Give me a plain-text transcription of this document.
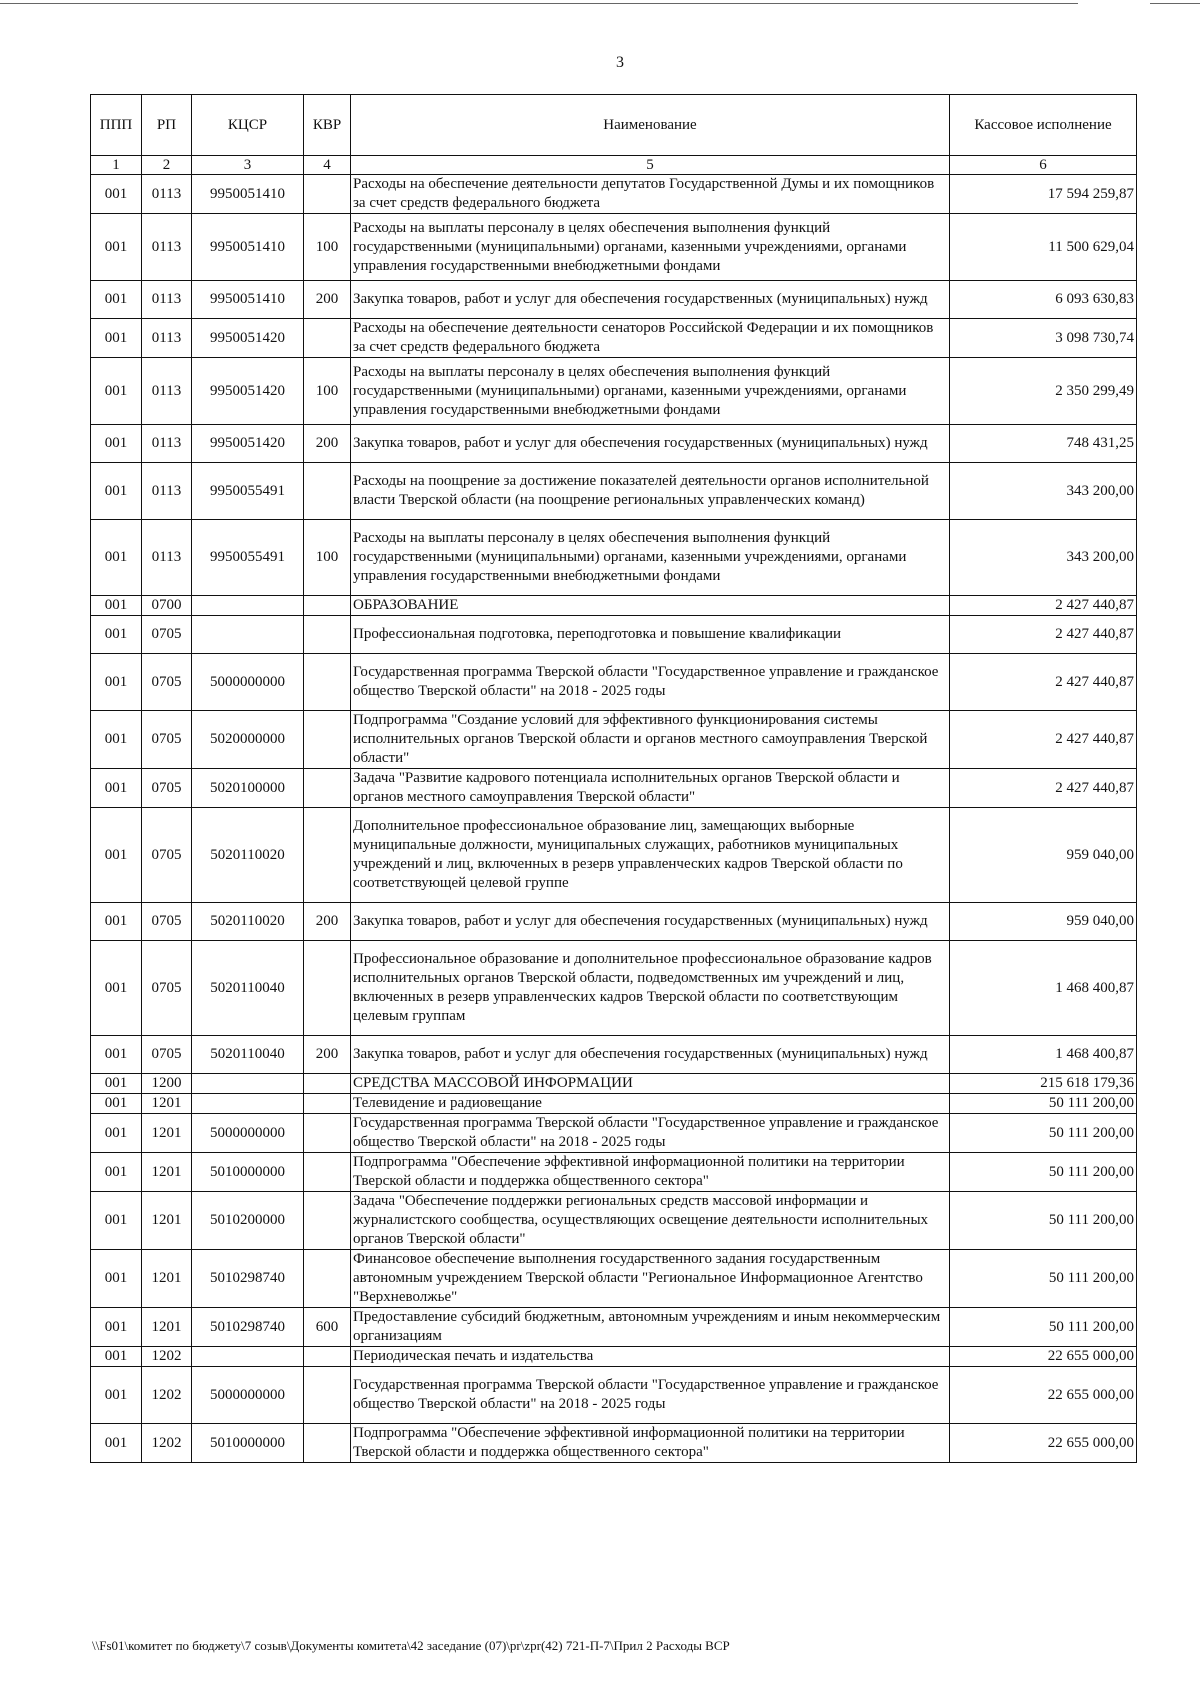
3
ППП	РП	КЦСР	КВР	Наименование	Кассовое исполнение
1	2	3	4	5	6
001	0113	9950051410		Расходы на обеспечение деятельности депутатов Государственной Думы и их помощников за счет средств федерального бюджета	17 594 259,87
001	0113	9950051410	100	Расходы на выплаты персоналу в целях обеспечения выполнения функций государственными (муниципальными) органами, казенными учреждениями, органами управления государственными внебюджетными фондами	11 500 629,04
001	0113	9950051410	200	Закупка товаров, работ и услуг для обеспечения государственных (муниципальных) нужд	6 093 630,83
001	0113	9950051420		Расходы на обеспечение деятельности сенаторов Российской Федерации и их помощников за счет средств федерального бюджета	3 098 730,74
001	0113	9950051420	100	Расходы на выплаты персоналу в целях обеспечения выполнения функций государственными (муниципальными) органами, казенными учреждениями, органами управления государственными внебюджетными фондами	2 350 299,49
001	0113	9950051420	200	Закупка товаров, работ и услуг для обеспечения государственных (муниципальных) нужд	748 431,25
001	0113	9950055491		Расходы на поощрение за достижение показателей деятельности органов исполнительной власти Тверской области (на поощрение региональных управленческих команд)	343 200,00
001	0113	9950055491	100	Расходы на выплаты персоналу в целях обеспечения выполнения функций государственными (муниципальными) органами, казенными учреждениями, органами управления государственными внебюджетными фондами	343 200,00
001	0700			ОБРАЗОВАНИЕ	2 427 440,87
001	0705			Профессиональная подготовка, переподготовка и повышение квалификации	2 427 440,87
001	0705	5000000000		Государственная программа Тверской области "Государственное управление и гражданское общество Тверской области" на 2018 - 2025 годы	2 427 440,87
001	0705	5020000000		Подпрограмма "Создание условий для эффективного функционирования системы исполнительных органов Тверской области и органов местного самоуправления Тверской области"	2 427 440,87
001	0705	5020100000		Задача "Развитие кадрового потенциала исполнительных органов Тверской области и органов местного самоуправления Тверской области"	2 427 440,87
001	0705	5020110020		Дополнительное профессиональное образование лиц, замещающих выборные муниципальные должности, муниципальных служащих, работников муниципальных учреждений и лиц, включенных в резерв управленческих кадров Тверской области по соответствующей целевой группе	959 040,00
001	0705	5020110020	200	Закупка товаров, работ и услуг для обеспечения государственных (муниципальных) нужд	959 040,00
001	0705	5020110040		Профессиональное образование и дополнительное профессиональное образование кадров исполнительных органов Тверской области, подведомственных им учреждений и лиц, включенных в резерв управленческих кадров Тверской области по соответствующим целевым группам	1 468 400,87
001	0705	5020110040	200	Закупка товаров, работ и услуг для обеспечения государственных (муниципальных) нужд	1 468 400,87
001	1200			СРЕДСТВА МАССОВОЙ ИНФОРМАЦИИ	215 618 179,36
001	1201			Телевидение и радиовещание	50 111 200,00
001	1201	5000000000		Государственная программа Тверской области "Государственное управление и гражданское общество Тверской области" на 2018 - 2025 годы	50 111 200,00
001	1201	5010000000		Подпрограмма "Обеспечение эффективной информационной политики на территории Тверской области и поддержка общественного сектора"	50 111 200,00
001	1201	5010200000		Задача "Обеспечение поддержки региональных средств массовой информации и журналистского сообщества, осуществляющих освещение деятельности исполнительных органов Тверской области"	50 111 200,00
001	1201	5010298740		Финансовое обеспечение выполнения государственного задания государственным автономным учреждением Тверской области "Региональное Информационное Агентство "Верхневолжье"	50 111 200,00
001	1201	5010298740	600	Предоставление субсидий бюджетным, автономным учреждениям и иным некоммерческим организациям	50 111 200,00
001	1202			Периодическая печать и издательства	22 655 000,00
001	1202	5000000000		Государственная программа Тверской области "Государственное управление и гражданское общество Тверской области" на 2018 - 2025 годы	22 655 000,00
001	1202	5010000000		Подпрограмма "Обеспечение эффективной информационной политики на территории Тверской области и поддержка общественного сектора"	22 655 000,00
\\Fs01\комитет по бюджету\7 созыв\Документы комитета\42 заседание (07)\pr\zpr(42) 721-П-7\Прил 2 Расходы ВСР
